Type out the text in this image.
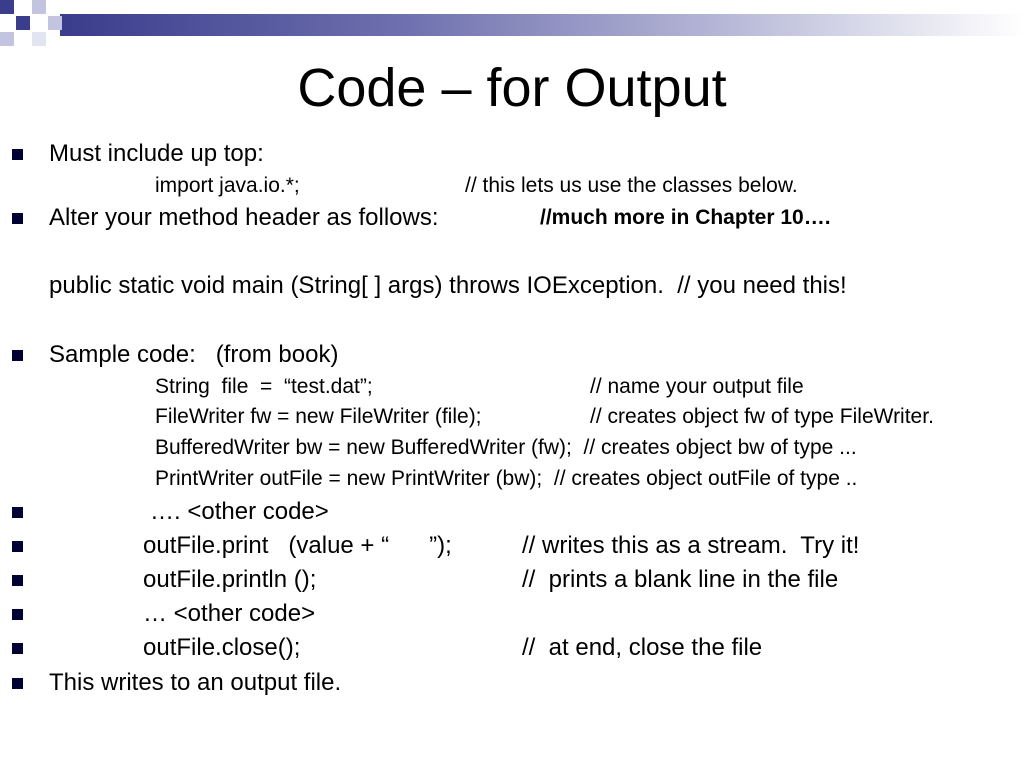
Code – for Output
Must include up top:
import java.io.*;	// this lets us use the classes below.
Alter your method header as follows:	//much more in Chapter 10….
public static void main (String[ ] args) throws IOException.  // you need this!
Sample code:   (from book)
String  file  =  “test.dat”;	// name your output file
FileWriter fw = new FileWriter (file);	// creates object fw of type FileWriter.
BufferedWriter bw = new BufferedWriter (fw);  // creates object bw of type ...
PrintWriter outFile = new PrintWriter (bw);  // creates object outFile of type ..
…. <other code>
outFile.print   (value + “      ”);	// writes this as a stream.  Try it!
outFile.println ();	//  prints a blank line in the file
… <other code>
outFile.close();	//  at end, close the file
This writes to an output file.
